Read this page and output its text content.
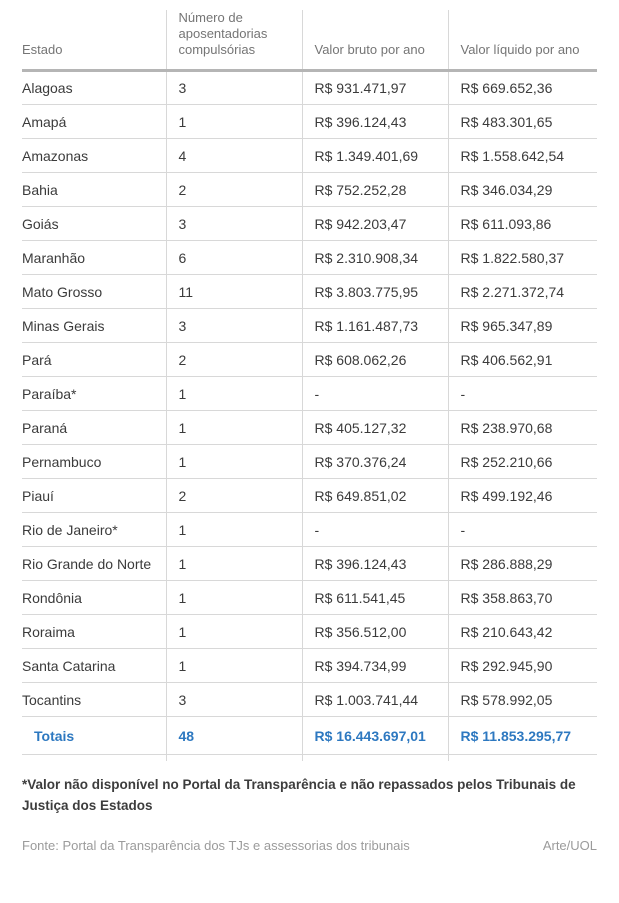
Estado	Número de aposentadorias compulsórias	Valor bruto por ano	Valor líquido por ano
Alagoas	3	R$ 931.471,97	R$ 669.652,36
Amapá	1	R$ 396.124,43	R$ 483.301,65
Amazonas	4	R$ 1.349.401,69	R$ 1.558.642,54
Bahia	2	R$ 752.252,28	R$ 346.034,29
Goiás	3	R$ 942.203,47	R$ 611.093,86
Maranhão	6	R$ 2.310.908,34	R$ 1.822.580,37
Mato Grosso	11	R$ 3.803.775,95	R$ 2.271.372,74
Minas Gerais	3	R$ 1.161.487,73	R$ 965.347,89
Pará	2	R$ 608.062,26	R$ 406.562,91
Paraíba*	1	-	-
Paraná	1	R$ 405.127,32	R$ 238.970,68
Pernambuco	1	R$ 370.376,24	R$ 252.210,66
Piauí	2	R$ 649.851,02	R$ 499.192,46
Rio de Janeiro*	1	-	-
Rio Grande do Norte	1	R$ 396.124,43	R$ 286.888,29
Rondônia	1	R$ 611.541,45	R$ 358.863,70
Roraima	1	R$ 356.512,00	R$ 210.643,42
Santa Catarina	1	R$ 394.734,99	R$ 292.945,90
Tocantins	3	R$ 1.003.741,44	R$ 578.992,05
Totais	48	R$ 16.443.697,01	R$ 11.853.295,77

*Valor não disponível no Portal da Transparência e não repassados pelos Tribunais de Justiça dos Estados

Fonte: Portal da Transparência dos TJs e assessorias dos tribunais	Arte/UOL
